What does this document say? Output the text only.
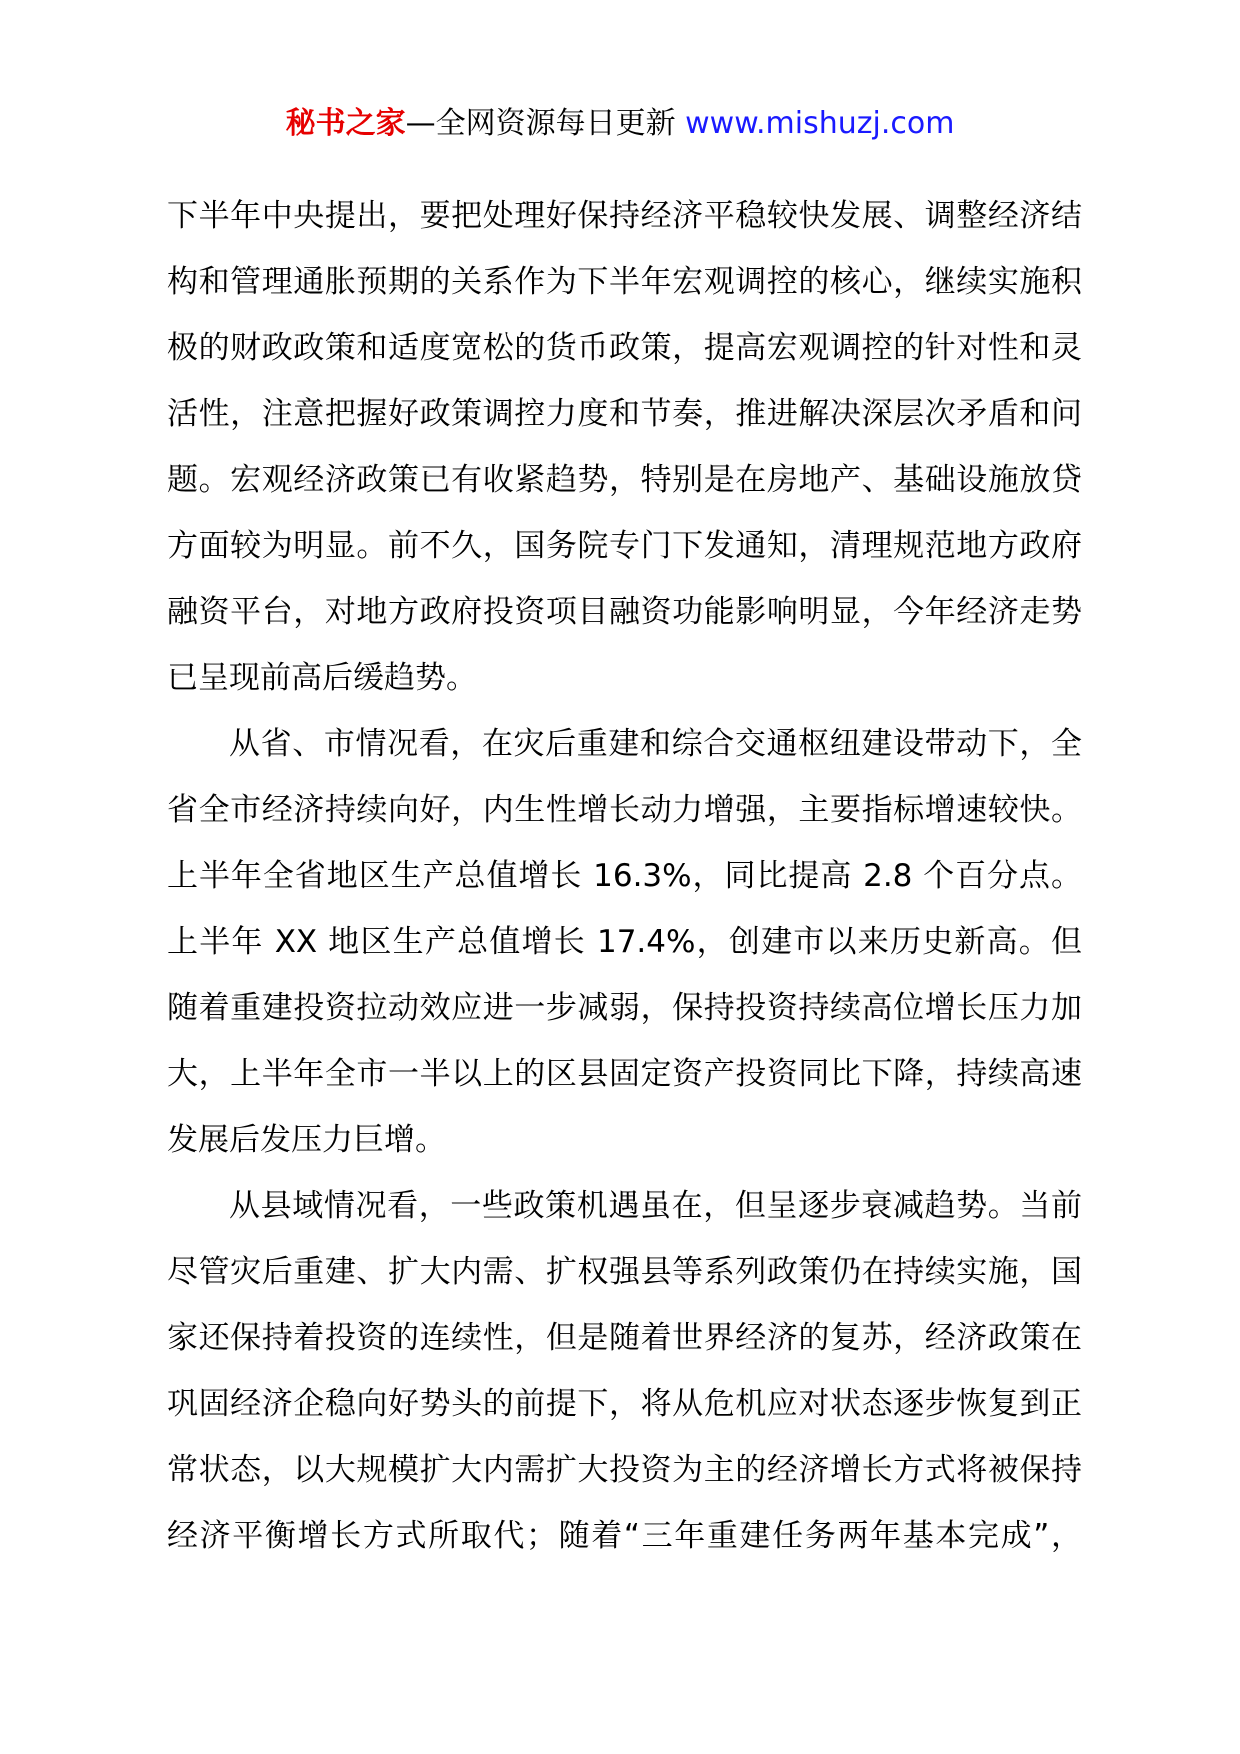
秘书之家—全网资源每日更新 www.mishuzj.com
下半年中央提出，要把处理好保持经济平稳较快发展、调整经济结
构和管理通胀预期的关系作为下半年宏观调控的核心，继续实施积
极的财政政策和适度宽松的货币政策，提高宏观调控的针对性和灵
活性，注意把握好政策调控力度和节奏，推进解决深层次矛盾和问
题。宏观经济政策已有收紧趋势，特别是在房地产、基础设施放贷
方面较为明显。前不久，国务院专门下发通知，清理规范地方政府
融资平台，对地方政府投资项目融资功能影响明显，今年经济走势
已呈现前高后缓趋势。
从省、市情况看，在灾后重建和综合交通枢纽建设带动下，全
省全市经济持续向好，内生性增长动力增强，主要指标增速较快。
上半年全省地区生产总值增长 16.3%，同比提高 2.8 个百分点。
上半年 XX 地区生产总值增长 17.4%，创建市以来历史新高。但
随着重建投资拉动效应进一步减弱，保持投资持续高位增长压力加
大，上半年全市一半以上的区县固定资产投资同比下降，持续高速
发展后发压力巨增。
从县域情况看，一些政策机遇虽在，但呈逐步衰减趋势。当前
尽管灾后重建、扩大内需、扩权强县等系列政策仍在持续实施，国
家还保持着投资的连续性，但是随着世界经济的复苏，经济政策在
巩固经济企稳向好势头的前提下，将从危机应对状态逐步恢复到正
常状态，以大规模扩大内需扩大投资为主的经济增长方式将被保持
经济平衡增长方式所取代；随着“三年重建任务两年基本完成”，
